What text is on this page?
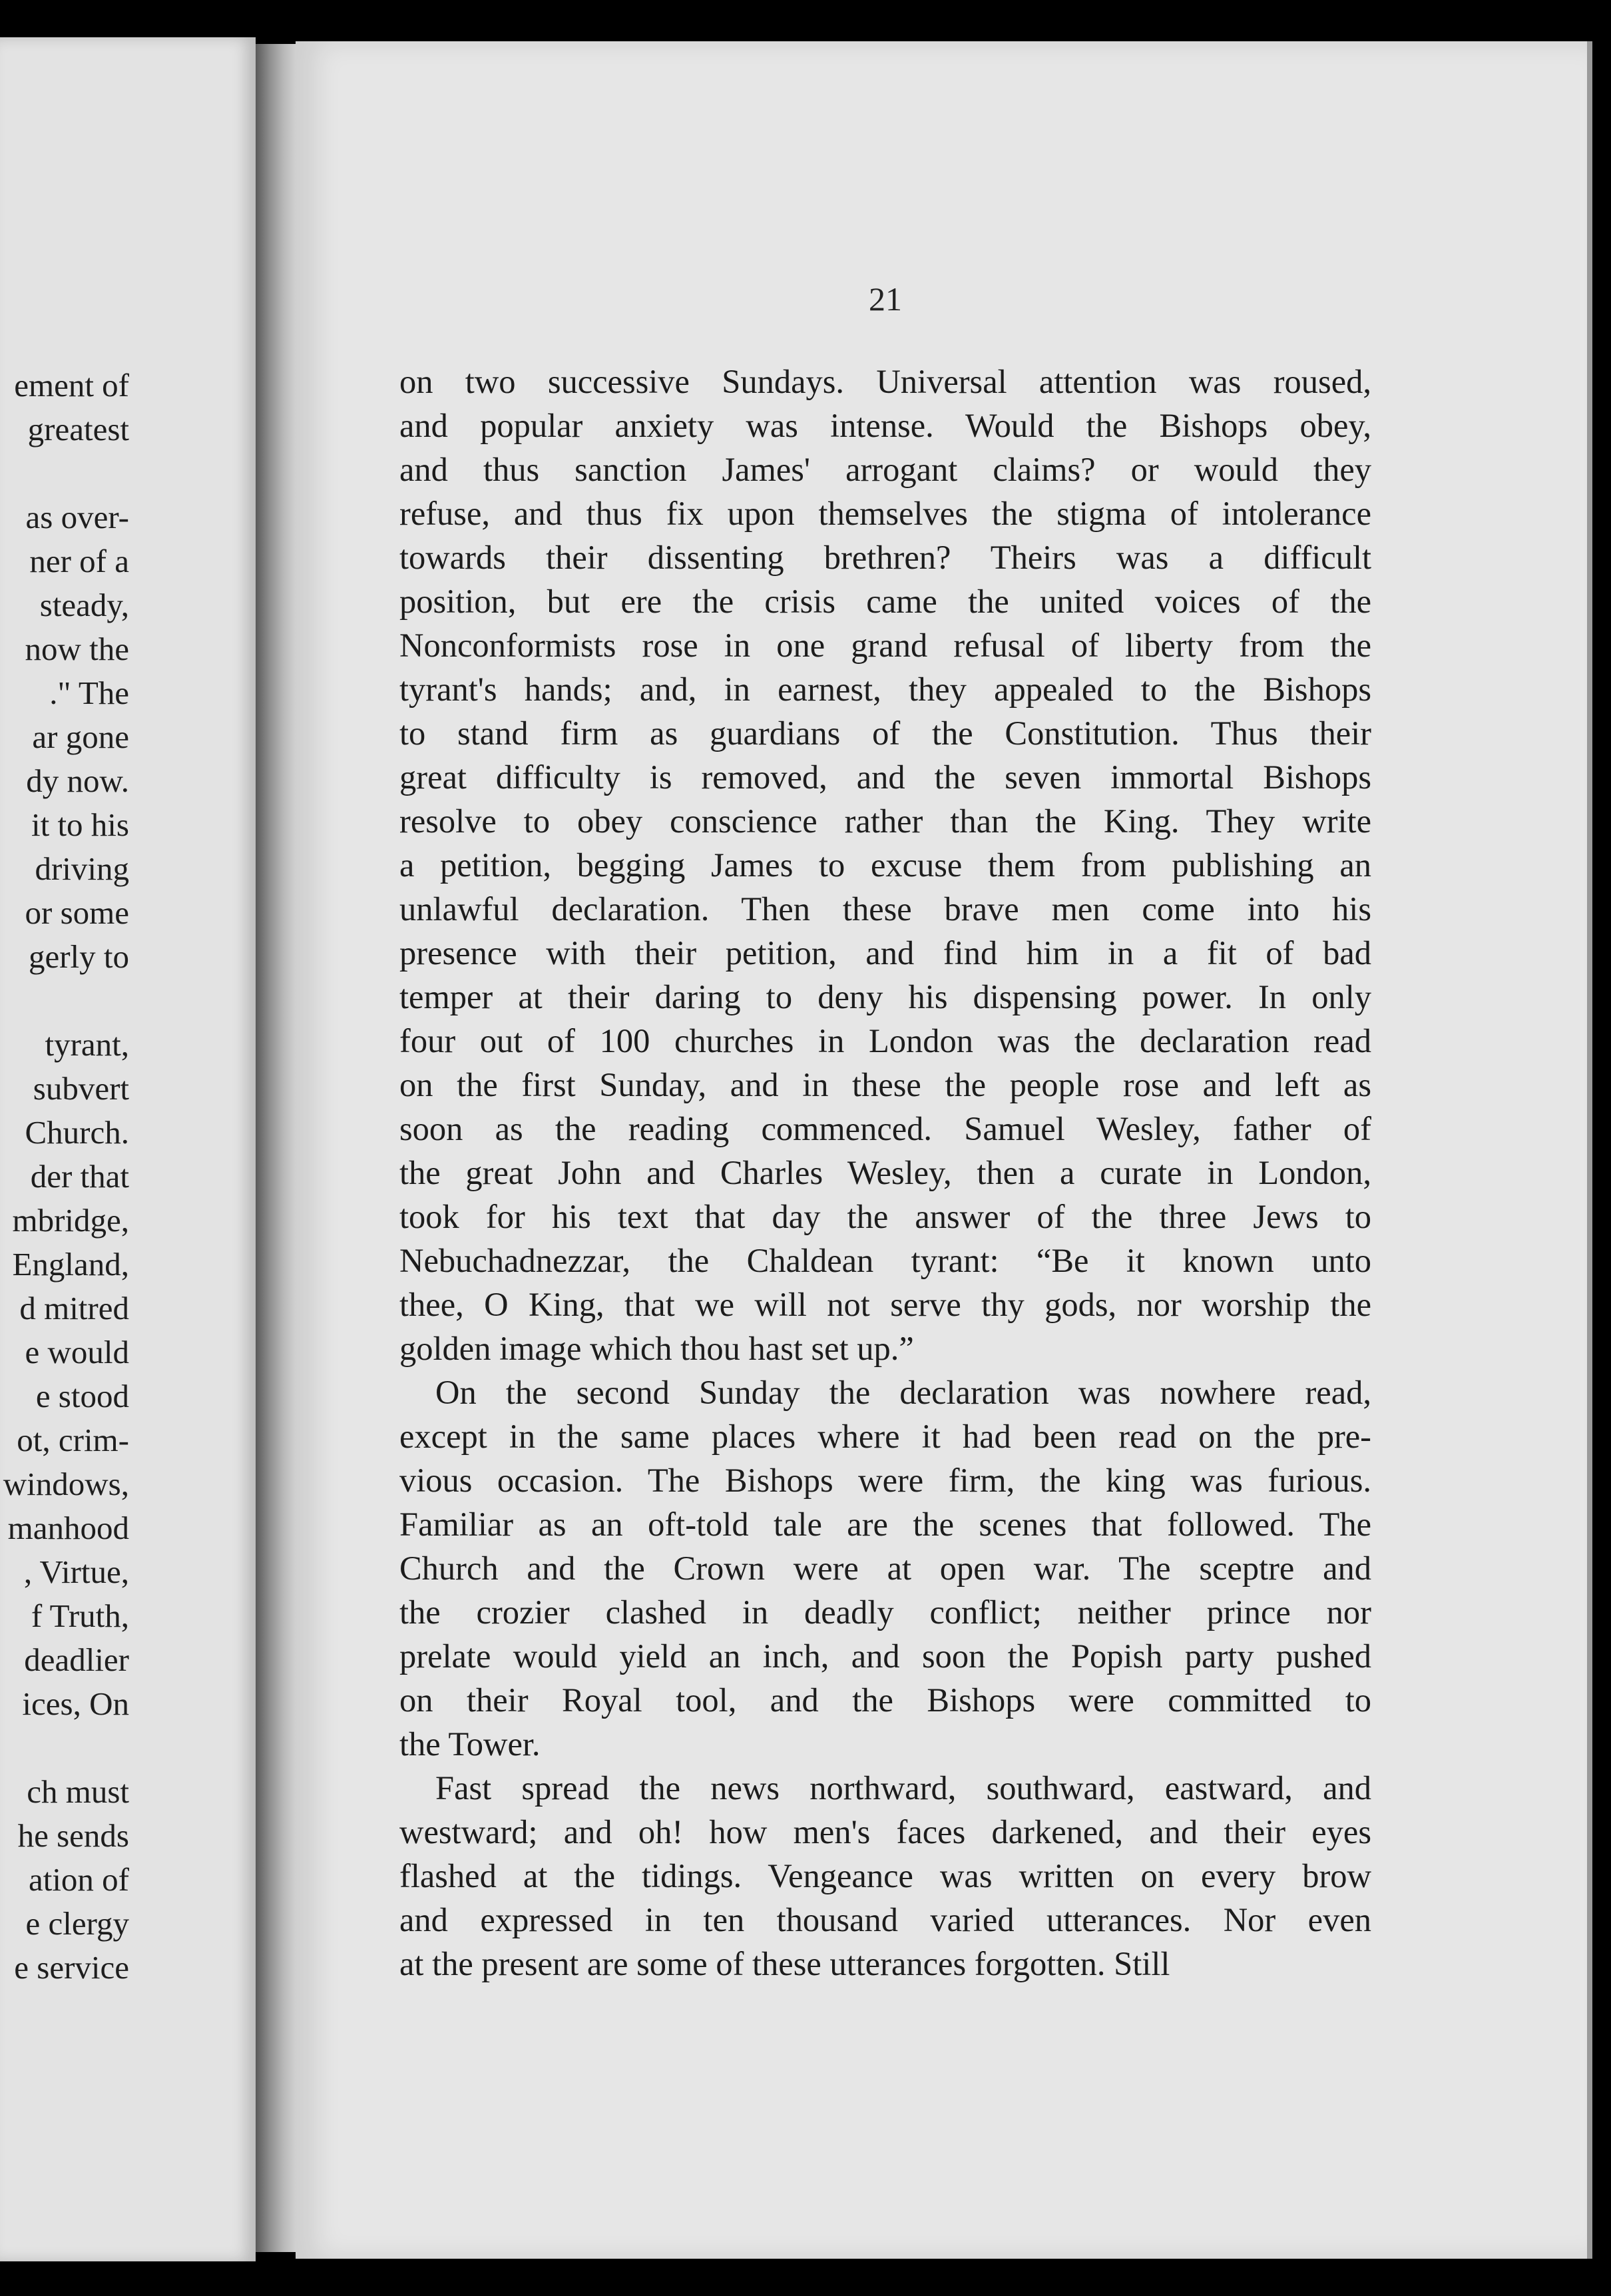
ement of
greatest
as over-
ner of a
steady,
now the
." The
ar gone
dy now.
it to his
driving
or some
gerly to
tyrant,
subvert
Church.
der that
mbridge,
England,
d mitred
e would
e stood
ot, crim-
windows,
manhood
, Virtue,
f Truth,
deadlier
ices, On
ch must
he sends
ation of
e clergy
e service
21
on two successive Sundays. Universal attention was roused,
and popular anxiety was intense. Would the Bishops obey,
and thus sanction James' arrogant claims? or would they
refuse, and thus fix upon themselves the stigma of intolerance
towards their dissenting brethren? Theirs was a difficult
position, but ere the crisis came the united voices of the
Nonconformists rose in one grand refusal of liberty from the
tyrant's hands; and, in earnest, they appealed to the Bishops
to stand firm as guardians of the Constitution. Thus their
great difficulty is removed, and the seven immortal Bishops
resolve to obey conscience rather than the King. They write
a petition, begging James to excuse them from publishing an
unlawful declaration. Then these brave men come into his
presence with their petition, and find him in a fit of bad
temper at their daring to deny his dispensing power. In only
four out of 100 churches in London was the declaration read
on the first Sunday, and in these the people rose and left as
soon as the reading commenced. Samuel Wesley, father of
the great John and Charles Wesley, then a curate in London,
took for his text that day the answer of the three Jews to
Nebuchadnezzar, the Chaldean tyrant: “Be it known unto
thee, O King, that we will not serve thy gods, nor worship the
golden image which thou hast set up.”
On the second Sunday the declaration was nowhere read,
except in the same places where it had been read on the pre-
vious occasion. The Bishops were firm, the king was furious.
Familiar as an oft-told tale are the scenes that followed. The
Church and the Crown were at open war. The sceptre and
the crozier clashed in deadly conflict; neither prince nor
prelate would yield an inch, and soon the Popish party pushed
on their Royal tool, and the Bishops were committed to
the Tower.
Fast spread the news northward, southward, eastward, and
westward; and oh! how men's faces darkened, and their eyes
flashed at the tidings. Vengeance was written on every brow
and expressed in ten thousand varied utterances. Nor even
at the present are some of these utterances forgotten. Still
